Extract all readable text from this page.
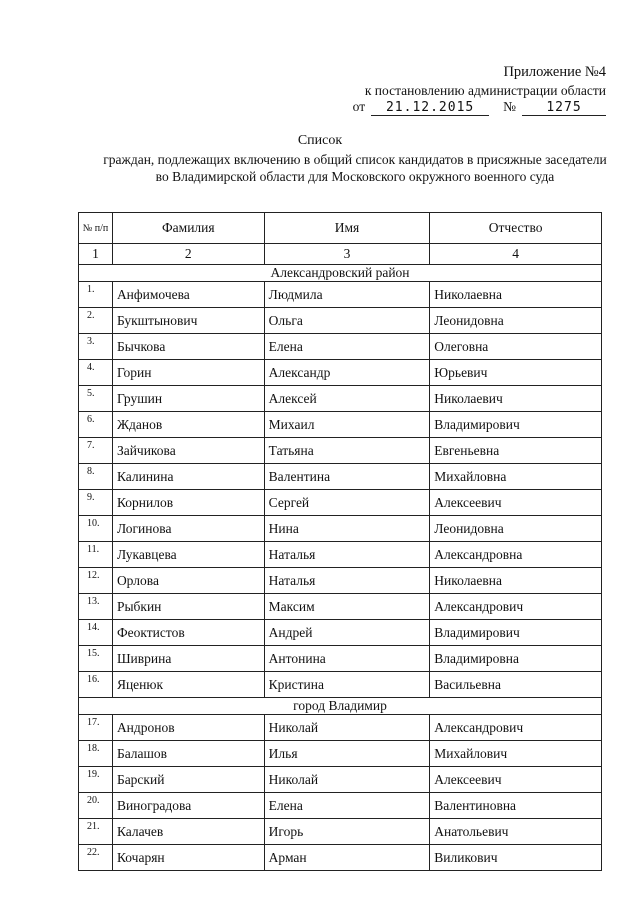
Приложение №4
к постановлению администрации области
от 21.12.2015 № 1275
Список
граждан, подлежащих включению в общий список кандидатов в присяжные заседатели во Владимирской области для Московского окружного военного суда
№ п/п	Фамилия	Имя	Отчество
1	2	3	4
Александровский район			
1.	Анфимочева	Людмила	Николаевна
2.	Букштынович	Ольга	Леонидовна
3.	Бычкова	Елена	Олеговна
4.	Горин	Александр	Юрьевич
5.	Грушин	Алексей	Николаевич
6.	Жданов	Михаил	Владимирович
7.	Зайчикова	Татьяна	Евгеньевна
8.	Калинина	Валентина	Михайловна
9.	Корнилов	Сергей	Алексеевич
10.	Логинова	Нина	Леонидовна
11.	Лукавцева	Наталья	Александровна
12.	Орлова	Наталья	Николаевна
13.	Рыбкин	Максим	Александрович
14.	Феоктистов	Андрей	Владимирович
15.	Шиврина	Антонина	Владимировна
16.	Яценюк	Кристина	Васильевна
город Владимир			
17.	Андронов	Николай	Александрович
18.	Балашов	Илья	Михайлович
19.	Барский	Николай	Алексеевич
20.	Виноградова	Елена	Валентиновна
21.	Калачев	Игорь	Анатольевич
22.	Кочарян	Арман	Виликович
